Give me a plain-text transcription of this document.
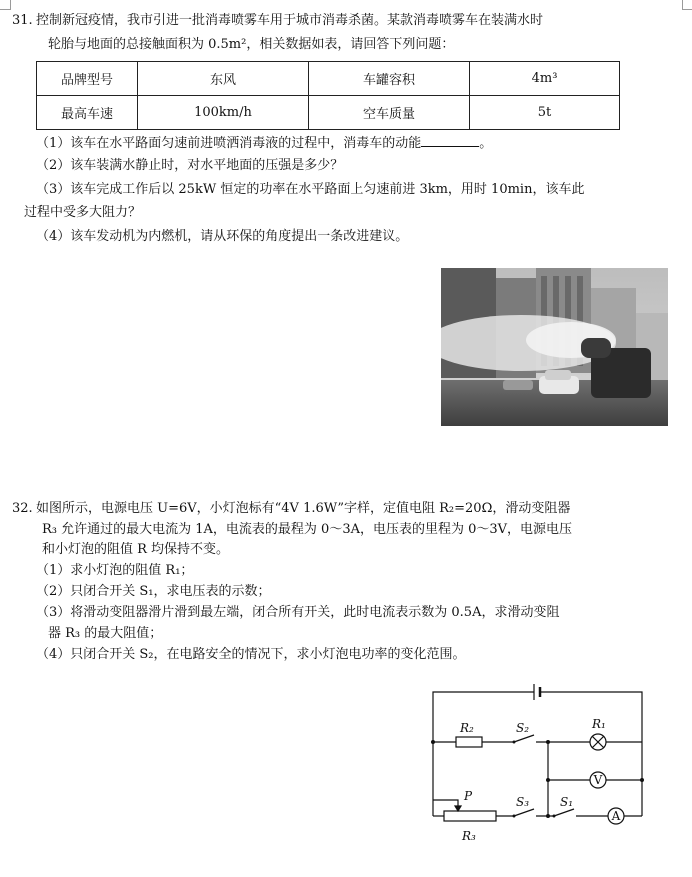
31. 控制新冠疫情，我市引进一批消毒喷雾车用于城市消毒杀菌。某款消毒喷雾车在装满水时
轮胎与地面的总接触面积为 0.5m²，相关数据如表，请回答下列问题：
品牌型号	东风	车罐容积	4m³
最高车速	100km/h	空车质量	5t
（1）该车在水平路面匀速前进喷洒消毒液的过程中，消毒车的动能	。
（2）该车装满水静止时，对水平地面的压强是多少？
（3）该车完成工作后以 25kW 恒定的功率在水平路面上匀速前进 3km，用时 10min，该车此
过程中受多大阻力？
（4）该车发动机为内燃机，请从环保的角度提出一条改进建议。
32. 如图所示，电源电压 U=6V，小灯泡标有“4V 1.6W”字样，定值电阻 R₂=20Ω，滑动变阻器
R₃ 允许通过的最大电流为 1A，电流表的最程为 0～3A，电压表的里程为 0～3V，电源电压
和小灯泡的阻值 R 均保持不变。
（1）求小灯泡的阻值 R₁；
（2）只闭合开关 S₁，求电压表的示数；
（3）将滑动变阻器滑片滑到最左端，闭合所有开关，此时电流表示数为 0.5A，求滑动变阻
器 R₃ 的最大阻值；
（4）只闭合开关 S₂，在电路安全的情况下，求小灯泡电功率的变化范围。
R₂	S₂	R₁
P	S₃	S₁
R₃
V
A
